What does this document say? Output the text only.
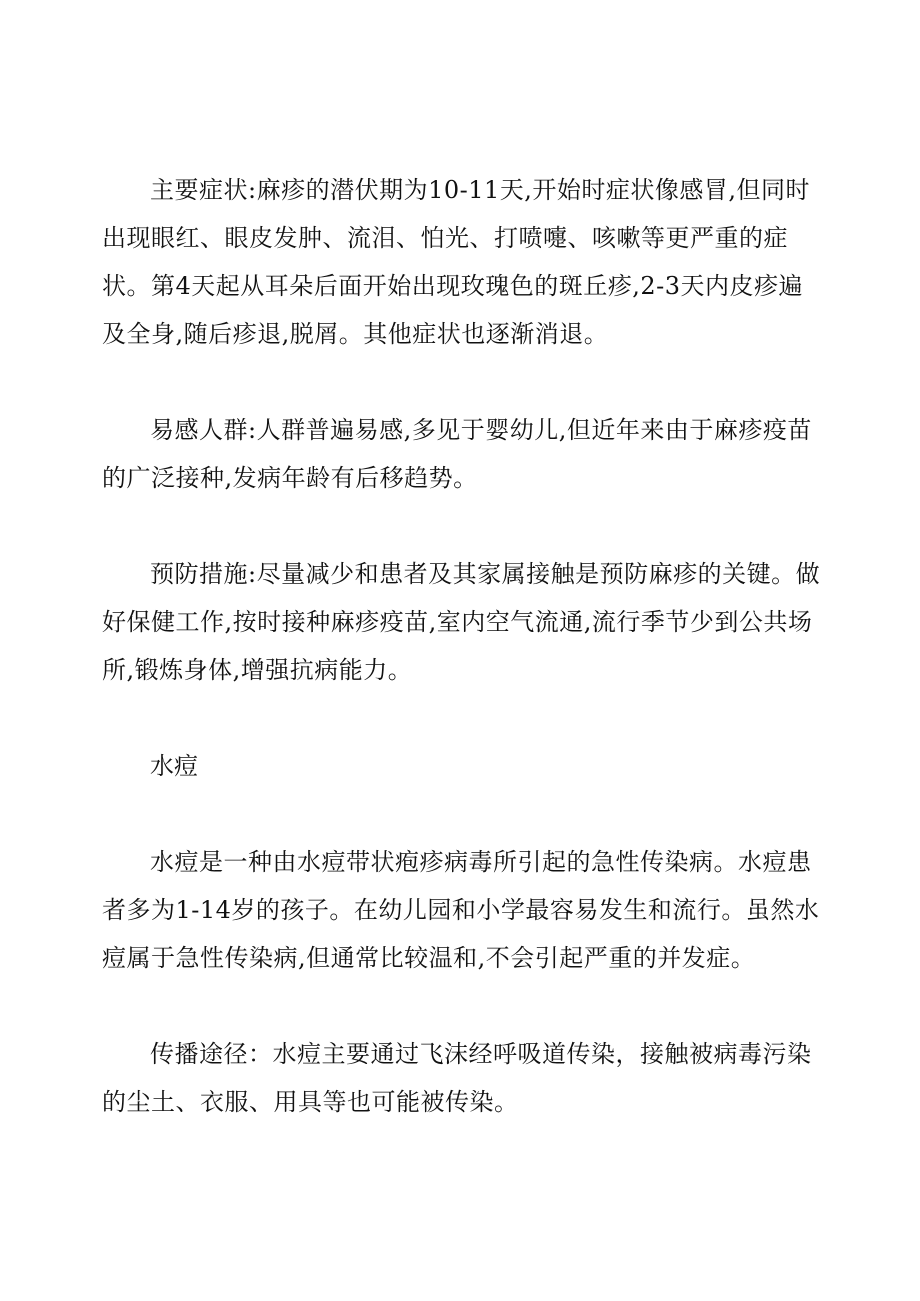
主要症状:麻疹的潜伏期为10-11天,开始时症状像感冒,但同时出现眼红、眼皮发肿、流泪、怕光、打喷嚏、咳嗽等更严重的症状。第4天起从耳朵后面开始出现玫瑰色的斑丘疹,2-3天内皮疹遍及全身,随后疹退,脱屑。其他症状也逐渐消退。

易感人群:人群普遍易感,多见于婴幼儿,但近年来由于麻疹疫苗的广泛接种,发病年龄有后移趋势。

预防措施:尽量减少和患者及其家属接触是预防麻疹的关键。做好保健工作,按时接种麻疹疫苗,室内空气流通,流行季节少到公共场所,锻炼身体,增强抗病能力。

水痘

水痘是一种由水痘带状疱疹病毒所引起的急性传染病。水痘患者多为1-14岁的孩子。在幼儿园和小学最容易发生和流行。虽然水痘属于急性传染病,但通常比较温和,不会引起严重的并发症。

传播途径：水痘主要通过飞沫经呼吸道传染，接触被病毒污染的尘土、衣服、用具等也可能被传染。
